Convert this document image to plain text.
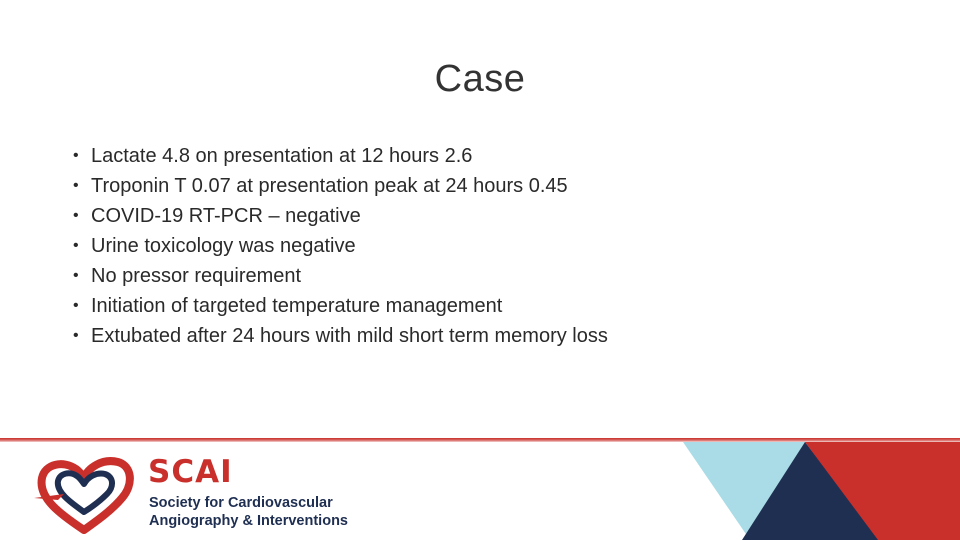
Case
• Lactate 4.8 on presentation at 12 hours 2.6
• Troponin T 0.07 at presentation peak at 24 hours 0.45
• COVID-19 RT-PCR – negative
• Urine toxicology was negative
• No pressor requirement
• Initiation of targeted temperature management
• Extubated after 24 hours with mild short term memory loss
SCAI
Society for Cardiovascular
Angiography & Interventions
